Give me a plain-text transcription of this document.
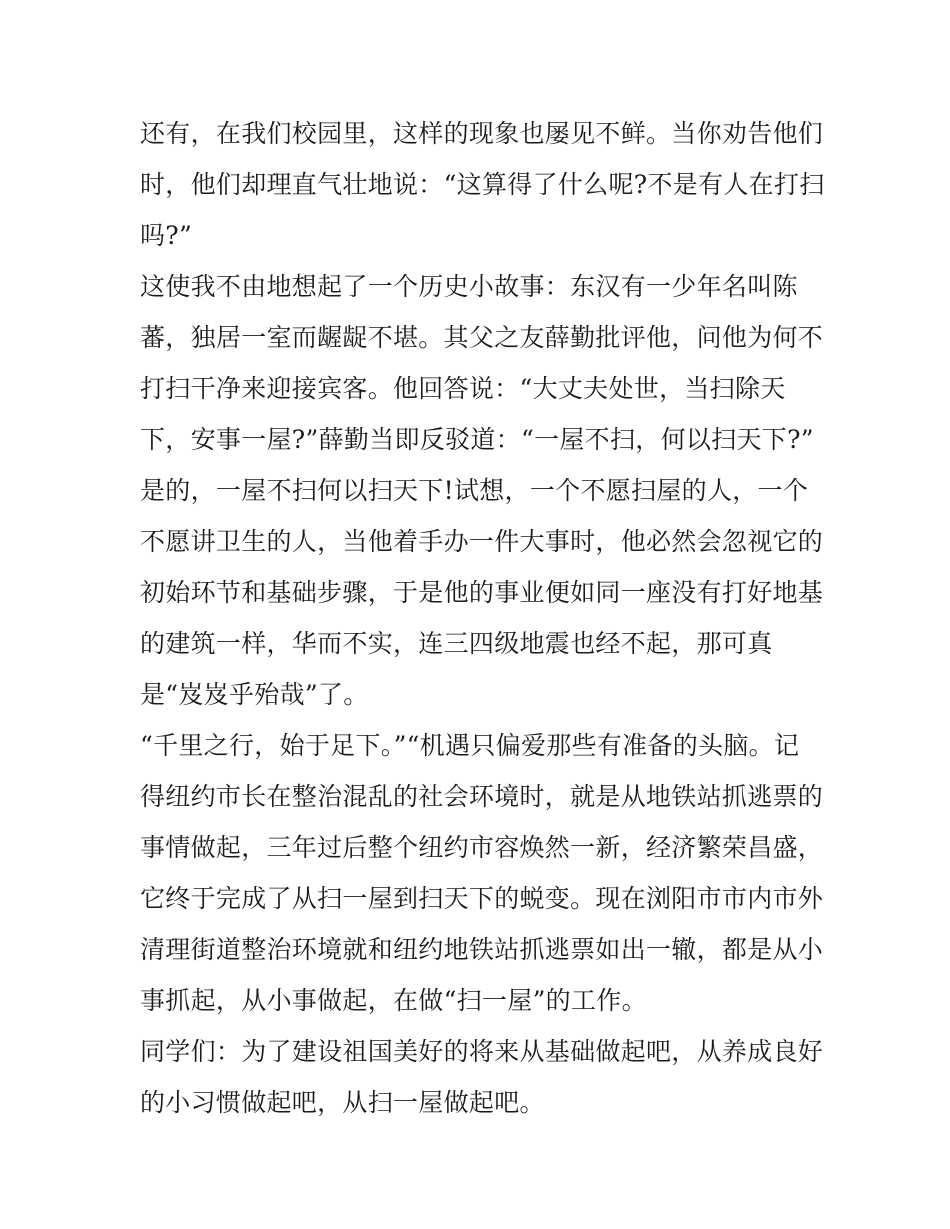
还有，在我们校园里，这样的现象也屡见不鲜。当你劝告他们
时，他们却理直气壮地说：“这算得了什么呢?不是有人在打扫
吗?”
这使我不由地想起了一个历史小故事：东汉有一少年名叫陈
蕃，独居一室而龌龊不堪。其父之友薛勤批评他，问他为何不
打扫干净来迎接宾客。他回答说：“大丈夫处世，当扫除天
下，安事一屋?”薛勤当即反驳道：“一屋不扫，何以扫天下?”
是的，一屋不扫何以扫天下!试想，一个不愿扫屋的人，一个
不愿讲卫生的人，当他着手办一件大事时，他必然会忽视它的
初始环节和基础步骤，于是他的事业便如同一座没有打好地基
的建筑一样，华而不实，连三四级地震也经不起，那可真
是“岌岌乎殆哉”了。
“千里之行，始于足下。”“机遇只偏爱那些有准备的头脑。记
得纽约市长在整治混乱的社会环境时，就是从地铁站抓逃票的
事情做起，三年过后整个纽约市容焕然一新，经济繁荣昌盛，
它终于完成了从扫一屋到扫天下的蜕变。现在浏阳市市内市外
清理街道整治环境就和纽约地铁站抓逃票如出一辙，都是从小
事抓起，从小事做起，在做“扫一屋”的工作。
同学们：为了建设祖国美好的将来从基础做起吧，从养成良好
的小习惯做起吧，从扫一屋做起吧。
